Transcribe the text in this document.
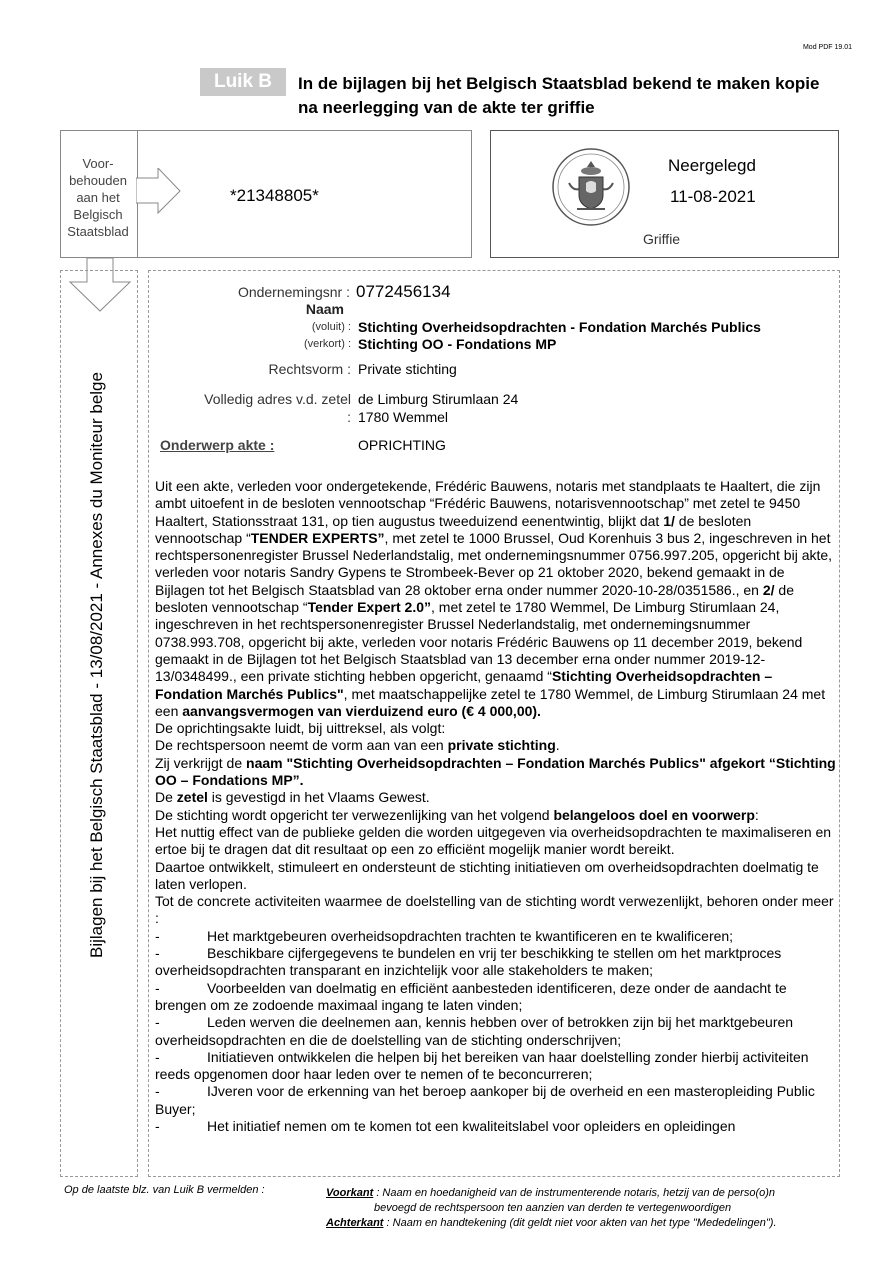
Mod PDF 19.01
Luik B	In de bijlagen bij het Belgisch Staatsblad bekend te maken kopie
na neerlegging van de akte ter griffie
Voor-
behouden
aan het
Belgisch
Staatsblad
*21348805*
Neergelegd
11-08-2021
Griffie
Bijlagen bij het Belgisch Staatsblad - 13/08/2021 - Annexes du Moniteur belge
Ondernemingsnr : 0772456134
Naam
(voluit) : Stichting Overheidsopdrachten - Fondation Marchés Publics
(verkort) : Stichting OO - Fondations MP
Rechtsvorm : Private stichting
Volledig adres v.d. zetel de Limburg Stirumlaan 24
: 1780 Wemmel
Onderwerp akte :	OPRICHTING

Uit een akte, verleden voor ondergetekende, Frédéric Bauwens, notaris met standplaats te Haaltert, die zijn ambt uitoefent in de besloten vennootschap “Frédéric Bauwens, notarisvennootschap” met zetel te 9450 Haaltert, Stationsstraat 131, op tien augustus tweeduizend eenentwintig, blijkt dat 1/ de besloten vennootschap “TENDER EXPERTS”, met zetel te 1000 Brussel, Oud Korenhuis 3 bus 2, ingeschreven in het rechtspersonenregister Brussel Nederlandstalig, met ondernemingsnummer 0756.997.205, opgericht bij akte, verleden voor notaris Sandry Gypens te Strombeek-Bever op 21 oktober 2020, bekend gemaakt in de Bijlagen tot het Belgisch Staatsblad van 28 oktober erna onder nummer 2020-10-28/0351586., en 2/ de besloten vennootschap “Tender Expert 2.0”, met zetel te 1780 Wemmel, De Limburg Stirumlaan 24, ingeschreven in het rechtspersonenregister Brussel Nederlandstalig, met ondernemingsnummer 0738.993.708, opgericht bij akte, verleden voor notaris Frédéric Bauwens op 11 december 2019, bekend gemaakt in de Bijlagen tot het Belgisch Staatsblad van 13 december erna onder nummer 2019-12-13/0348499., een private stichting hebben opgericht, genaamd “Stichting Overheidsopdrachten – Fondation Marchés Publics", met maatschappelijke zetel te 1780 Wemmel, de Limburg Stirumlaan 24 met een aanvangsvermogen van vierduizend euro (€ 4 000,00).

De oprichtingsakte luidt, bij uittreksel, als volgt:

De rechtspersoon neemt de vorm aan van een private stichting.

Zij verkrijgt de naam "Stichting Overheidsopdrachten – Fondation Marchés Publics" afgekort “Stichting OO – Fondations MP”.

De zetel is gevestigd in het Vlaams Gewest.

De stichting wordt opgericht ter verwezenlijking van het volgend belangeloos doel en voorwerp:

Het nuttig effect van de publieke gelden die worden uitgegeven via overheidsopdrachten te maximaliseren en ertoe bij te dragen dat dit resultaat op een zo efficiënt mogelijk manier wordt bereikt.

Daartoe ontwikkelt, stimuleert en ondersteunt de stichting initiatieven om overheidsopdrachten doelmatig te laten verlopen.

Tot de concrete activiteiten waarmee de doelstelling van de stichting wordt verwezenlijkt, behoren onder meer :

-	Het marktgebeuren overheidsopdrachten trachten te kwantificeren en te kwalificeren;

-	Beschikbare cijfergegevens te bundelen en vrij ter beschikking te stellen om het marktproces overheidsopdrachten transparant en inzichtelijk voor alle stakeholders te maken;

-	Voorbeelden van doelmatig en efficiënt aanbesteden identificeren, deze onder de aandacht te brengen om ze zodoende maximaal ingang te laten vinden;

-	Leden werven die deelnemen aan, kennis hebben over of betrokken zijn bij het marktgebeuren overheidsopdrachten en die de doelstelling van de stichting onderschrijven;

-	Initiatieven ontwikkelen die helpen bij het bereiken van haar doelstelling zonder hierbij activiteiten reeds opgenomen door haar leden over te nemen of te beconcurreren;

-	IJveren voor de erkenning van het beroep aankoper bij de overheid en een masteropleiding Public Buyer;

-	Het initiatief nemen om te komen tot een kwaliteitslabel voor opleiders en opleidingen

Op de laatste blz. van Luik B vermelden :	Voorkant : Naam en hoedanigheid van de instrumenterende notaris, hetzij van de perso(o)n
bevoegd de rechtspersoon ten aanzien van derden te vertegenwoordigen
Achterkant : Naam en handtekening (dit geldt niet voor akten van het type "Mededelingen").
